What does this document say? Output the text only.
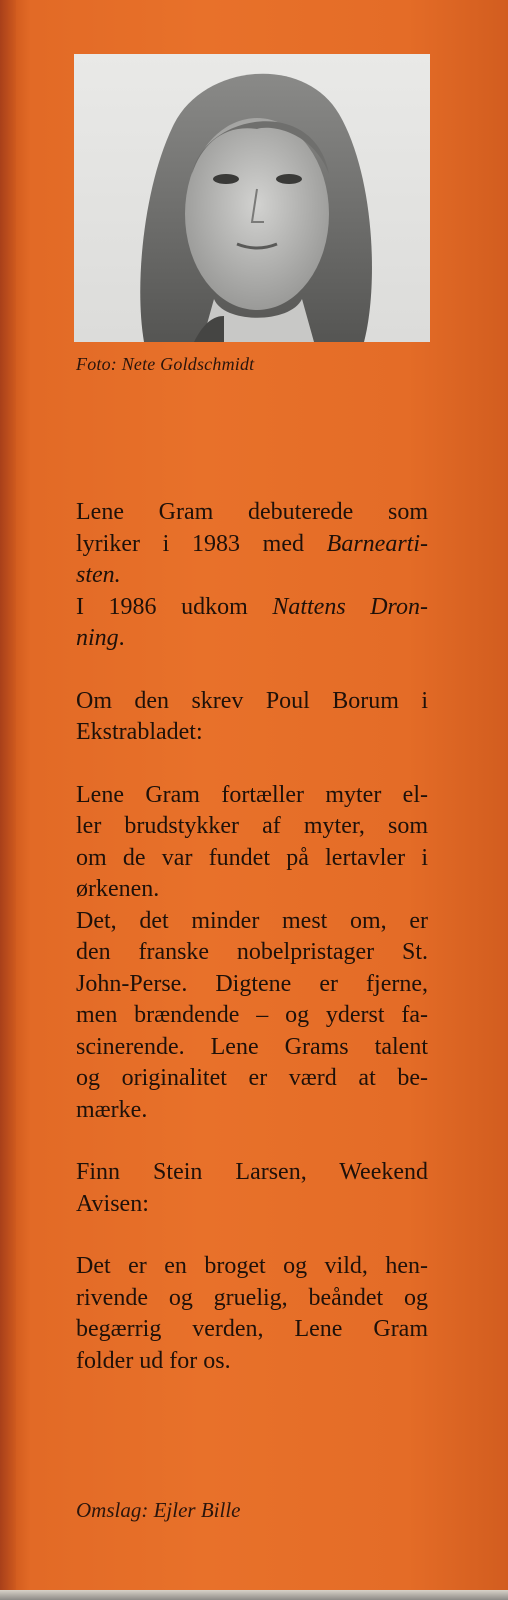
Foto: Nete Goldschmidt

Lene Gram debuterede som
lyriker i 1983 med Barnearti-
sten.

I 1986 udkom Nattens Dron-
ning.

Om den skrev Poul Borum i
Ekstrabladet:

Lene Gram fortæller myter el-
ler brudstykker af myter, som
om de var fundet på lertavler i
ørkenen.

Det, det minder mest om, er
den franske nobelpristager St.
John-Perse. Digtene er fjerne,
men brændende – og yderst fa-
scinerende. Lene Grams talent
og originalitet er værd at be-
mærke.

Finn Stein Larsen, Weekend
Avisen:

Det er en broget og vild, hen-
rivende og gruelig, beåndet og
begærrig verden, Lene Gram
folder ud for os.

Omslag: Ejler Bille
